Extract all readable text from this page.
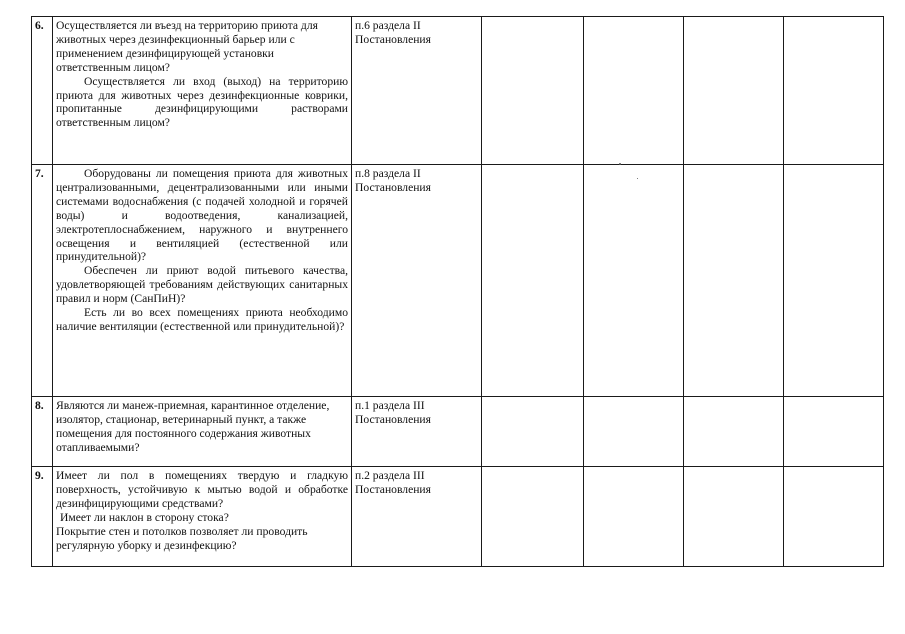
6.	Осуществляется ли въезд на территорию приюта для животных через дезинфекционный барьер или с применением дезинфицирующей установки ответственным лицом?

Осуществляется ли вход (выход) на территорию приюта для животных через дезинфекционные коврики, пропитанные дезинфицирующими растворами ответственным лицом?	п.6 раздела II Постановления				
7.	Оборудованы ли помещения приюта для животных централизованными, децентрализованными или иными системами водоснабжения (с подачей холодной и горячей воды) и водоотведения, канализацией, электротеплоснабжением, наружного и внутреннего освещения и вентиляцией (естественной или принудительной)?

Обеспечен ли приют водой питьевого качества, удовлетворяющей требованиям действующих санитарных правил и норм (СанПиН)?

Есть ли во всех помещениях приюта необходимо наличие вентиляции (естественной или принудительной)?	п.8 раздела II Постановления				
8.	Являются ли манеж-приемная, карантинное отделение, изолятор, стационар, ветеринарный пункт, а также помещения для постоянного содержания животных отапливаемыми?	п.1 раздела III Постановления				
9.	Имеет ли пол в помещениях твердую и гладкую поверхность, устойчивую к мытью водой и обработке дезинфицирующими средствами?

Имеет ли наклон в сторону стока?

Покрытие стен и потолков позволяет ли проводить регулярную уборку и дезинфекцию?	п.2 раздела III Постановления				
